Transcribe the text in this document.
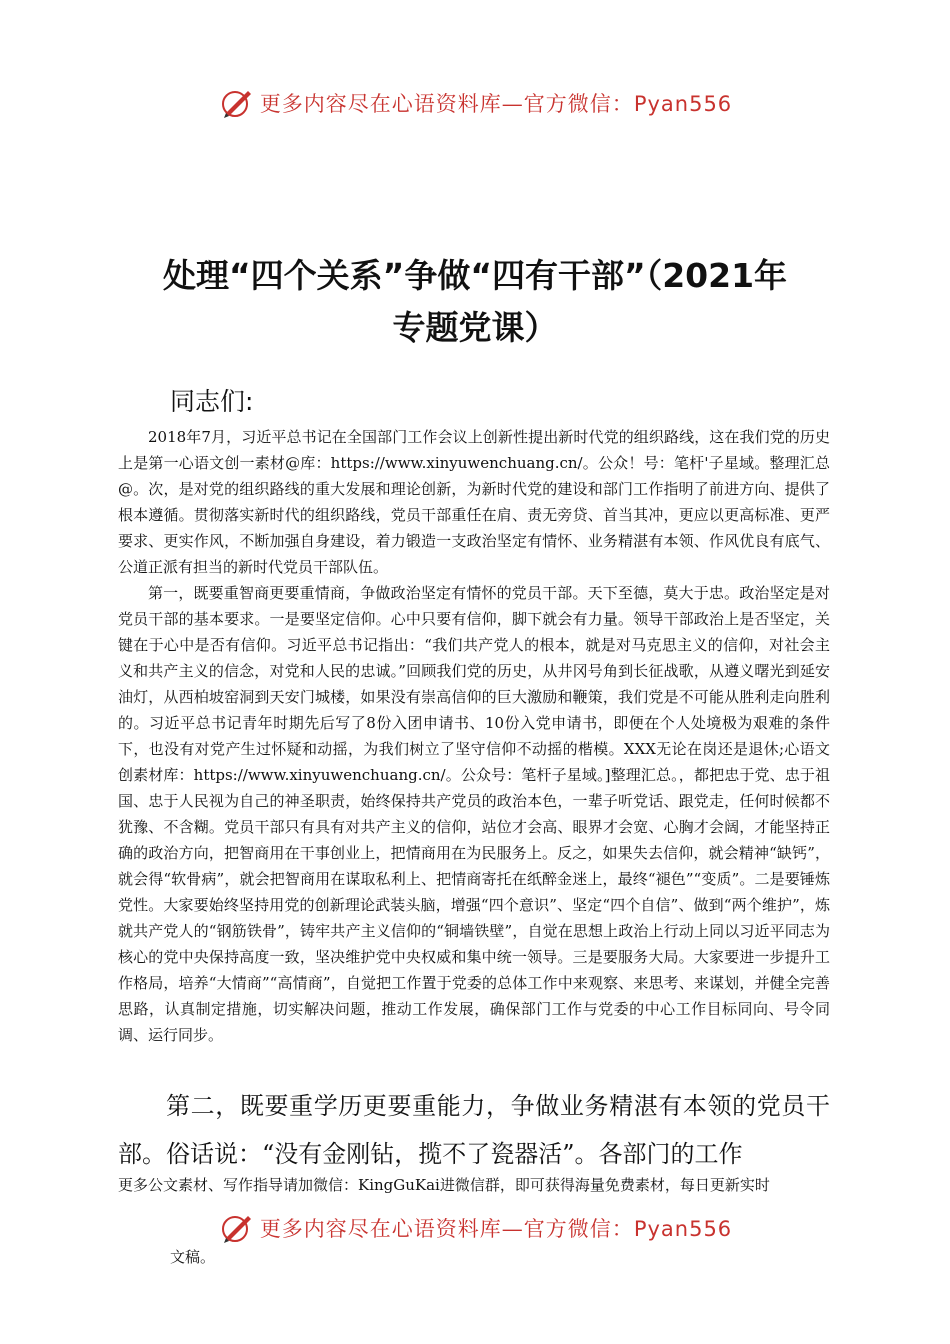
更多内容尽在心语资料库—官方微信：Pyan556
处理“四个关系”争做“四有干部”（2021年
专题党课）
同志们:

2018年7月，习近平总书记在全国部门工作会议上创新性提出新时代党的组织路线，这在我们党的历史上是第一心语文创一素材@库：https://www.xinyuwenchuang.cn/。公众！号：笔杆'子星域。整理汇总@。次，是对党的组织路线的重大发展和理论创新，为新时代党的建设和部门工作指明了前进方向、提供了根本遵循。贯彻落实新时代的组织路线，党员干部重任在肩、责无旁贷、首当其冲，更应以更高标准、更严要求、更实作风，不断加强自身建设，着力锻造一支政治坚定有情怀、业务精湛有本领、作风优良有底气、公道正派有担当的新时代党员干部队伍。

第一，既要重智商更要重情商，争做政治坚定有情怀的党员干部。天下至德，莫大于忠。政治坚定是对党员干部的基本要求。一是要坚定信仰。心中只要有信仰，脚下就会有力量。领导干部政治上是否坚定，关键在于心中是否有信仰。习近平总书记指出：“我们共产党人的根本，就是对马克思主义的信仰，对社会主义和共产主义的信念，对党和人民的忠诚。”回顾我们党的历史，从井冈号角到长征战歌，从遵义曙光到延安油灯，从西柏坡窑洞到天安门城楼，如果没有崇高信仰的巨大激励和鞭策，我们党是不可能从胜利走向胜利的。习近平总书记青年时期先后写了8份入团申请书、10份入党申请书，即便在个人处境极为艰难的条件下，也没有对党产生过怀疑和动摇，为我们树立了坚守信仰不动摇的楷模。XXX无论在岗还是退休;心语文创素材库：https://www.xinyuwenchuang.cn/。公众号：笔杆子星域。]整理汇总。，都把忠于党、忠于祖国、忠于人民视为自己的神圣职责，始终保持共产党员的政治本色，一辈子听党话、跟党走，任何时候都不犹豫、不含糊。党员干部只有具有对共产主义的信仰，站位才会高、眼界才会宽、心胸才会阔，才能坚持正确的政治方向，把智商用在干事创业上，把情商用在为民服务上。反之，如果失去信仰，就会精神“缺钙”，就会得“软骨病”，就会把智商用在谋取私利上、把情商寄托在纸醉金迷上，最终“褪色”“变质”。二是要锤炼党性。大家要始终坚持用党的创新理论武装头脑，增强“四个意识”、坚定“四个自信”、做到“两个维护”，炼就共产党人的“钢筋铁骨”，铸牢共产主义信仰的“铜墙铁壁”，自觉在思想上政治上行动上同以习近平同志为核心的党中央保持高度一致，坚决维护党中央权威和集中统一领导。三是要服务大局。大家要进一步提升工作格局，培养“大情商”“高情商”，自觉把工作置于党委的总体工作中来观察、来思考、来谋划，并健全完善思路，认真制定措施，切实解决问题，推动工作发展，确保部门工作与党委的中心工作目标同向、号令同调、运行同步。

第二，既要重学历更要重能力，争做业务精湛有本领的党员干部。俗话说：“没有金刚钻，揽不了瓷器活”。各部门的工作

更多公文素材、写作指导请加微信：KingGuKai进微信群，即可获得海量免费素材，每日更新实时
更多内容尽在心语资料库—官方微信：Pyan556
文稿。
